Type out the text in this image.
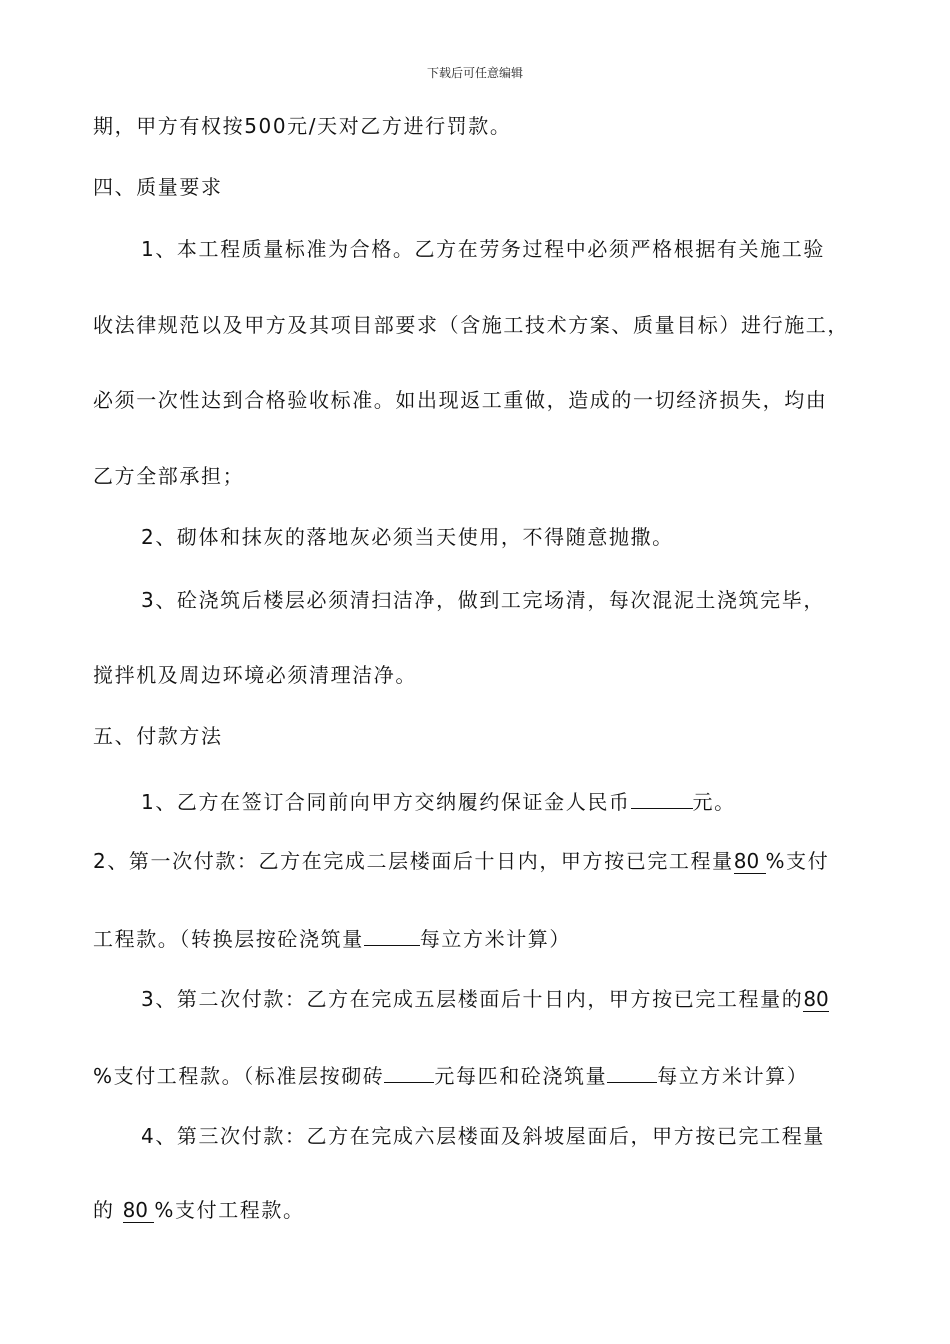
下载后可任意编辑
期，甲方有权按500元/天对乙方进行罚款。
四、质量要求
1、本工程质量标准为合格。乙方在劳务过程中必须严格根据有关施工验
收法律规范以及甲方及其项目部要求（含施工技术方案、质量目标）进行施工，
必须一次性达到合格验收标准。如出现返工重做，造成的一切经济损失，均由
乙方全部承担；
2、砌体和抹灰的落地灰必须当天使用，不得随意抛撒。
3、砼浇筑后楼层必须清扫洁净，做到工完场清，每次混泥土浇筑完毕，
搅拌机及周边环境必须清理洁净。
五、付款方法
1、乙方在签订合同前向甲方交纳履约保证金人民币	元。
2、第一次付款：乙方在完成二层楼面后十日内，甲方按已完工程量80 %支付
工程款。（转换层按砼浇筑量	每立方米计算）
3、第二次付款：乙方在完成五层楼面后十日内，甲方按已完工程量的80
%支付工程款。（标准层按砌砖	元每匹和砼浇筑量	每立方米计算）
4、第三次付款：乙方在完成六层楼面及斜坡屋面后，甲方按已完工程量
的 80 %支付工程款。
